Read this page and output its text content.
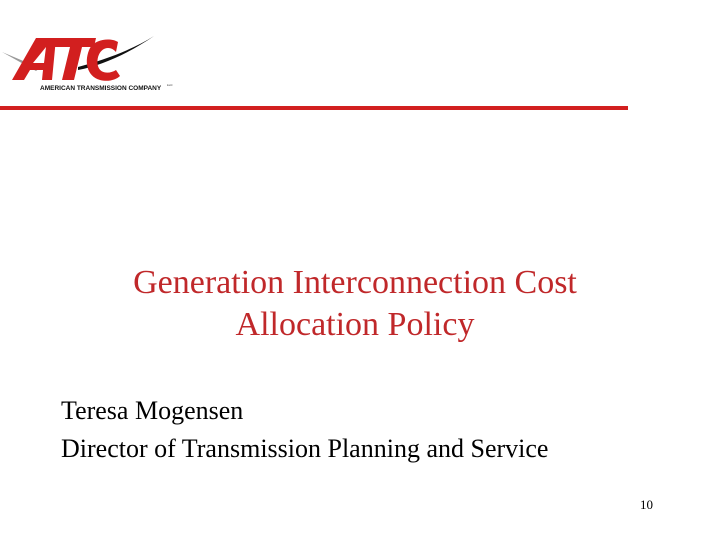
AMERICAN TRANSMISSION COMPANY LLC
Generation Interconnection Cost
Allocation Policy
Teresa Mogensen
Director of Transmission Planning and Service
10
